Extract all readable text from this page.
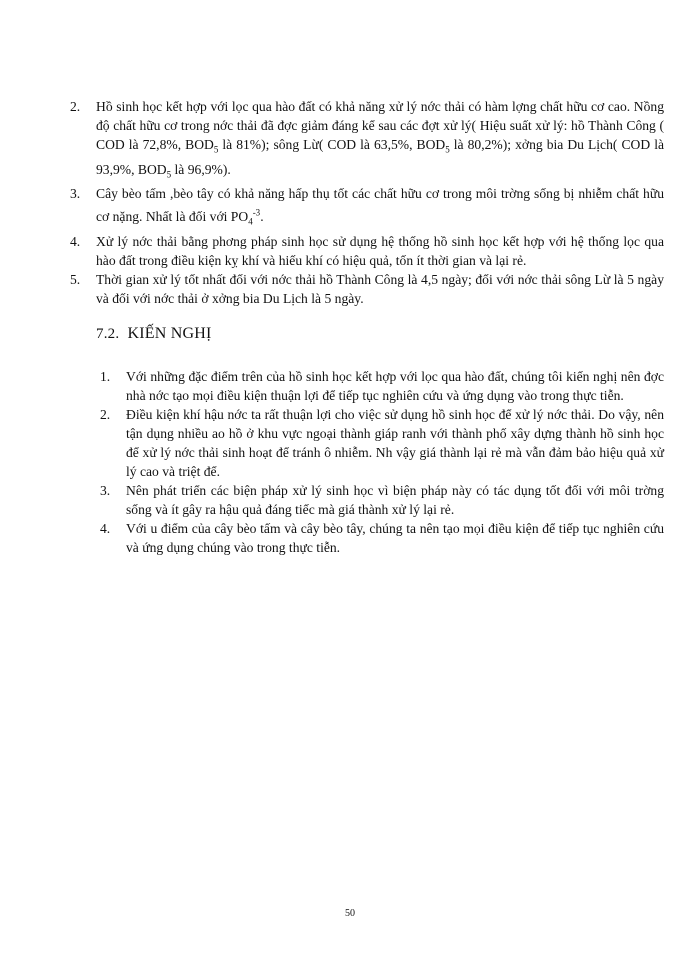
2. Hồ sinh học kết hợp với lọc qua hào đất có khả năng xử lý nớc thải có hàm lợng chất hữu cơ cao. Nồng độ chất hữu cơ trong nớc thải đã đợc giảm đáng kể sau các đợt xử lý( Hiệu suất xử lý: hồ Thành Công ( COD là 72,8%, $BOD_5$ là 81%); sông Lừ( COD là 63,5%, $BOD_5$ là 80,2%); xởng bia Du Lịch( COD là 93,9%, $BOD_5$ là 96,9%).
3. Cây bèo tấm ,bèo tây có khả năng hấp thụ tốt các chất hữu cơ trong môi trờng sống bị nhiễm chất hữu cơ nặng. Nhất là đối với $PO_4^{-3}$.
4. Xử lý nớc thải bằng phơng pháp sinh học sử dụng hệ thống hồ sinh học kết hợp với hệ thống lọc qua hào đất trong điều kiện kỵ khí và hiếu khí có hiệu quả, tốn ít thời gian và lại rẻ.
5. Thời gian xử lý tốt nhất đối với nớc thải hồ Thành Công là 4,5 ngày; đối với nớc thải sông Lừ là 5 ngày và đối với nớc thải ở xởng bia Du Lịch là 5 ngày.
7.2. KIẾN NGHỊ
1. Với những đặc điểm trên của hồ sinh học kết hợp với lọc qua hào đất, chúng tôi kiến nghị nên đợc nhà nớc tạo mọi điều kiện thuận lợi để tiếp tục nghiên cứu và ứng dụng vào trong thực tiễn.
2. Điều kiện khí hậu nớc ta rất thuận lợi cho việc sử dụng hồ sinh học để xử lý nớc thải. Do vậy, nên tận dụng nhiều ao hồ ở khu vực ngoại thành giáp ranh với thành phố xây dựng thành hồ sinh học để xử lý nớc thải sinh hoạt để tránh ô nhiễm. Nh vậy giá thành lại rẻ mà vẫn đảm bảo hiệu quả xử lý cao và triệt để.
3. Nên phát triển các biện pháp xử lý sinh học vì biện pháp này có tác dụng tốt đối với môi trờng sống và ít gây ra hậu quả đáng tiếc mà giá thành xử lý lại rẻ.
4. Với u điểm của cây bèo tấm và cây bèo tây, chúng ta nên tạo mọi điều kiện để tiếp tục nghiên cứu và ứng dụng chúng vào trong thực tiễn.
50
